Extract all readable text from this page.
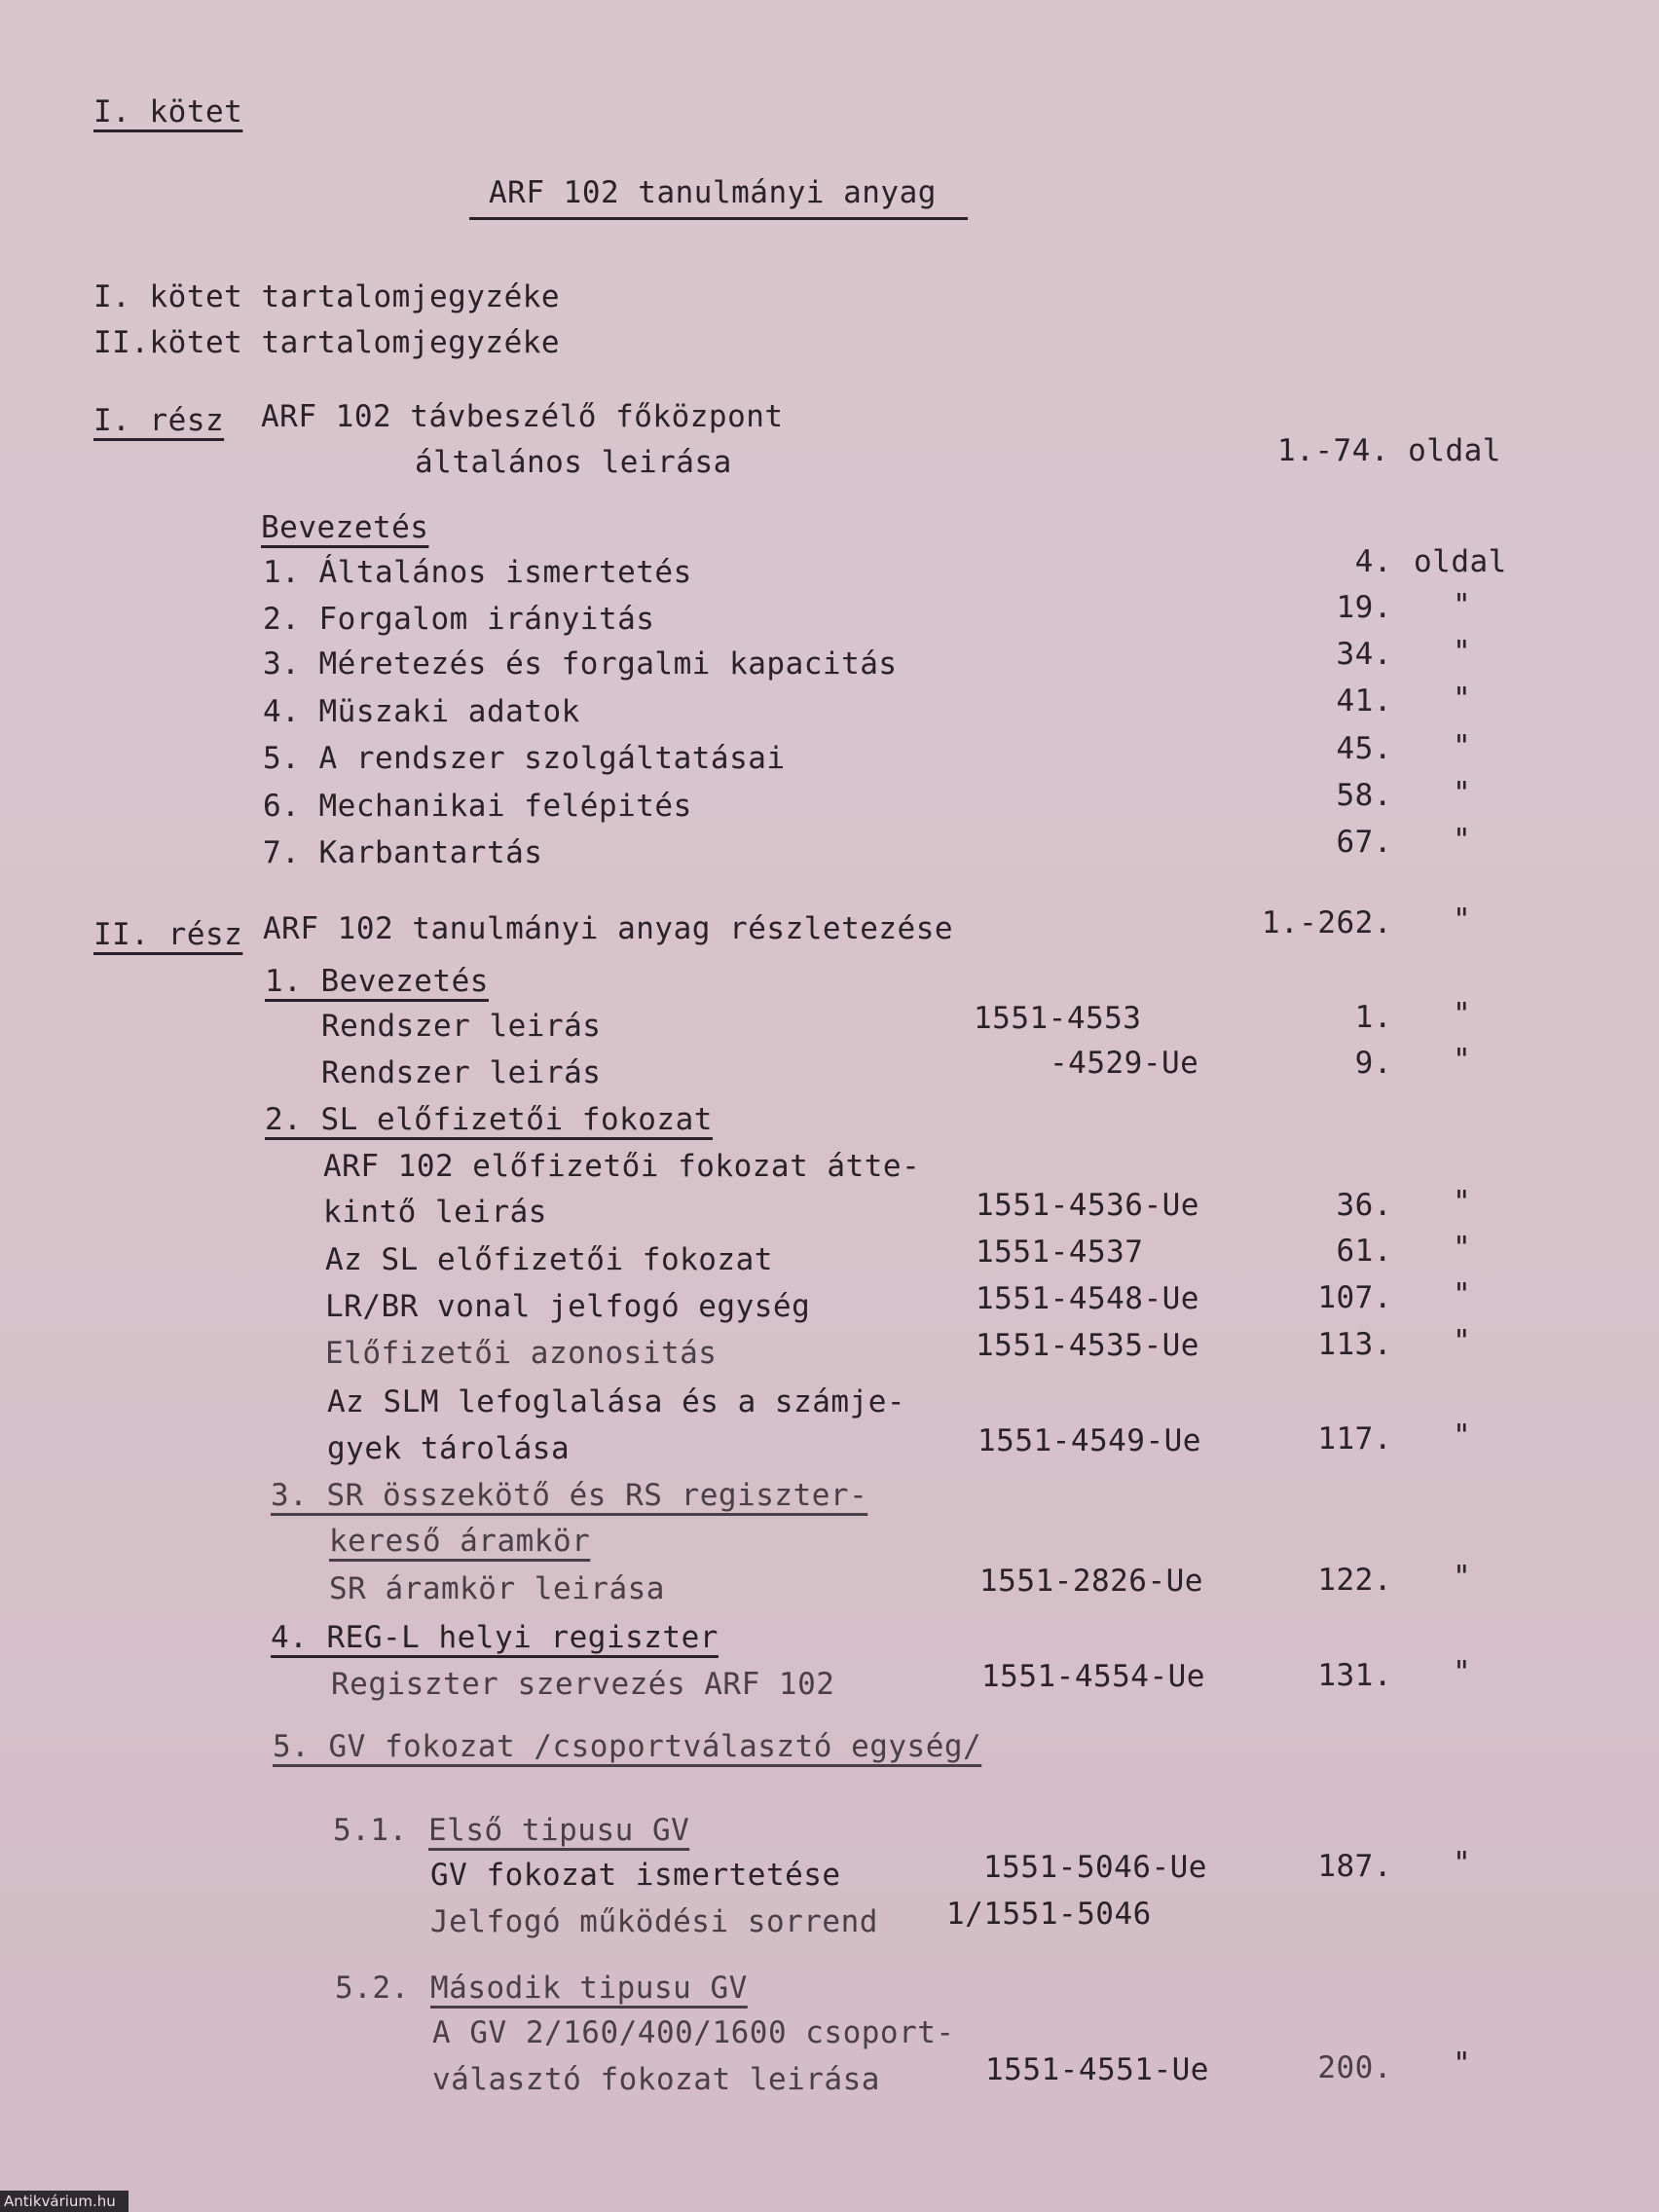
I. kötet
ARF 102 tanulmányi anyag
I. kötet tartalomjegyzéke
II.kötet tartalomjegyzéke
I. rész ARF 102 távbeszélő főközpont
általános leirása	1.-74. oldal
Bevezetés
1. Általános ismertetés	4. oldal
2. Forgalom irányitás	19. "
3. Méretezés és forgalmi kapacitás	34. "
4. Müszaki adatok	41. "
5. A rendszer szolgáltatásai	45. "
6. Mechanikai felépités	58. "
7. Karbantartás	67. "
II. rész ARF 102 tanulmányi anyag részletezése	1.-262. "
1. Bevezetés
Rendszer leirás	1551-4553	1. "
Rendszer leirás	-4529-Ue	9. "
2. SL előfizetői fokozat
ARF 102 előfizetői fokozat átte-
kintő leirás	1551-4536-Ue	36. "
Az SL előfizetői fokozat	1551-4537	61. "
LR/BR vonal jelfogó egység	1551-4548-Ue	107. "
Előfizetői azonositás	1551-4535-Ue	113. "
Az SLM lefoglalása és a számje-
gyek tárolása	1551-4549-Ue	117. "
3. SR összekötő és RS regiszter-
kereső áramkör
SR áramkör leirása	1551-2826-Ue	122. "
4. REG-L helyi regiszter
Regiszter szervezés ARF 102	1551-4554-Ue	131. "
5. GV fokozat /csoportválasztó egység/
5.1. Első tipusu GV
GV fokozat ismertetése	1551-5046-Ue	187. "
Jelfogó működési sorrend 1/1551-5046
5.2. Második tipusu GV
A GV 2/160/400/1600 csoport-
választó fokozat leirása	1551-4551-Ue	200. "
Antikvárium.hu
